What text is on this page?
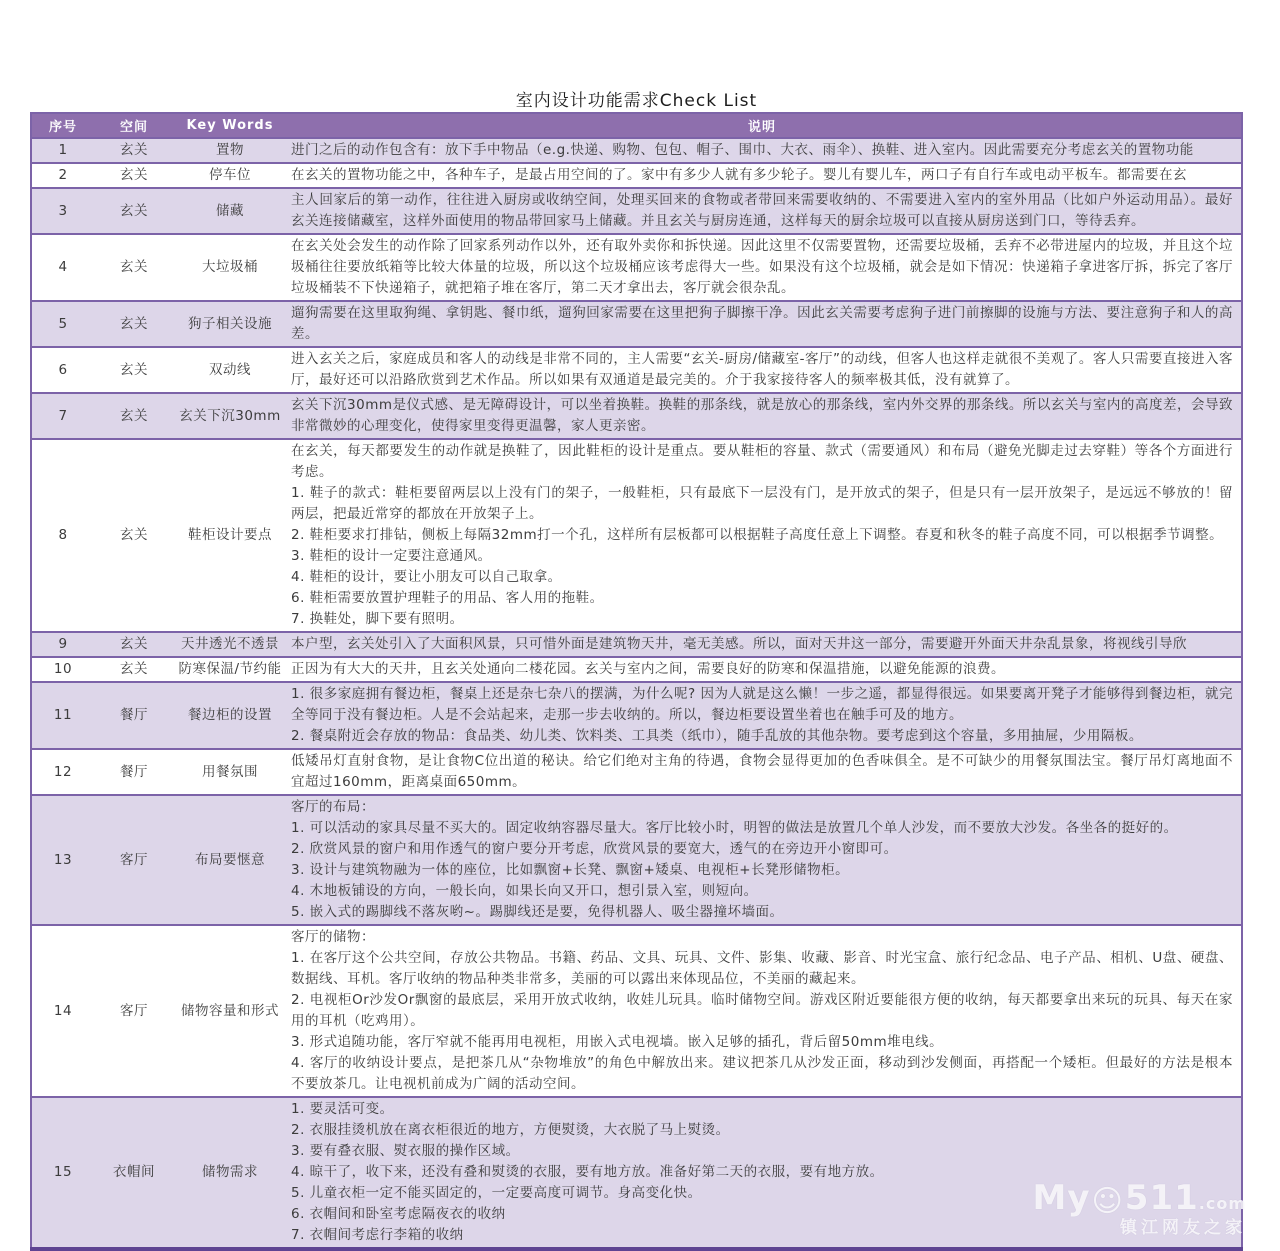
室内设计功能需求Check List
序号	空间	Key Words	说明
1	玄关	置物	进门之后的动作包含有：放下手中物品（e.g.快递、购物、包包、帽子、围巾、大衣、雨伞）、换鞋、进入室内。因此需要充分考虑玄关的置物功能

2	玄关	停车位	在玄关的置物功能之中，各种车子，是最占用空间的了。家中有多少人就有多少轮子。婴儿有婴儿车，两口子有自行车或电动平板车。都需要在玄

3	玄关	储藏	主人回家后的第一动作，往往进入厨房或收纳空间，处理买回来的食物或者带回来需要收纳的、不需要进入室内的室外用品（比如户外运动用品）。最好玄关连接储藏室，这样外面使用的物品带回家马上储藏。并且玄关与厨房连通，这样每天的厨余垃圾可以直接从厨房送到门口，等待丢弃。

4	玄关	大垃圾桶	在玄关处会发生的动作除了回家系列动作以外，还有取外卖你和拆快递。因此这里不仅需要置物，还需要垃圾桶，丢弃不必带进屋内的垃圾，并且这个垃圾桶往往要放纸箱等比较大体量的垃圾，所以这个垃圾桶应该考虑得大一些。如果没有这个垃圾桶，就会是如下情况：快递箱子拿进客厅拆，拆完了客厅垃圾桶装不下快递箱子，就把箱子堆在客厅，第二天才拿出去，客厅就会很杂乱。

5	玄关	狗子相关设施	遛狗需要在这里取狗绳、拿钥匙、餐巾纸，遛狗回家需要在这里把狗子脚擦干净。因此玄关需要考虑狗子进门前擦脚的设施与方法、要注意狗子和人的高差。

6	玄关	双动线	进入玄关之后，家庭成员和客人的动线是非常不同的，主人需要“玄关-厨房/储藏室-客厅”的动线，但客人也这样走就很不美观了。客人只需要直接进入客厅，最好还可以沿路欣赏到艺术作品。所以如果有双通道是最完美的。介于我家接待客人的频率极其低，没有就算了。

7	玄关	玄关下沉30mm	玄关下沉30mm是仪式感、是无障碍设计，可以坐着换鞋。换鞋的那条线，就是放心的那条线，室内外交界的那条线。所以玄关与室内的高度差，会导致非常微妙的心理变化，使得家里变得更温馨，家人更亲密。

8	玄关	鞋柜设计要点	
在玄关，每天都要发生的动作就是换鞋了，因此鞋柜的设计是重点。要从鞋柜的容量、款式（需要通风）和布局（避免光脚走过去穿鞋）等各个方面进行考虑。
1. 鞋子的款式：鞋柜要留两层以上没有门的架子，一般鞋柜，只有最底下一层没有门，是开放式的架子，但是只有一层开放架子，是远远不够放的！留两层，把最近常穿的都放在开放架子上。
2. 鞋柜要求打排钻，侧板上每隔32mm打一个孔，这样所有层板都可以根据鞋子高度任意上下调整。春夏和秋冬的鞋子高度不同，可以根据季节调整。
3. 鞋柜的设计一定要注意通风。
4. 鞋柜的设计，要让小朋友可以自己取拿。
6. 鞋柜需要放置护理鞋子的用品、客人用的拖鞋。
7. 换鞋处，脚下要有照明。

9	玄关	天井透光不透景	本户型，玄关处引入了大面积风景，只可惜外面是建筑物天井，毫无美感。所以，面对天井这一部分，需要避开外面天井杂乱景象，将视线引导欣

10	玄关	防寒保温/节约能	正因为有大大的天井，且玄关处通向二楼花园。玄关与室内之间，需要良好的防寒和保温措施，以避免能源的浪费。

11	餐厅	餐边柜的设置	1. 很多家庭拥有餐边柜，餐桌上还是杂七杂八的摆满，为什么呢? 因为人就是这么懒！一步之遥，都显得很远。如果要离开凳子才能够得到餐边柜，就完全等同于没有餐边柜。人是不会站起来，走那一步去收纳的。所以，餐边柜要设置坐着也在触手可及的地方。
2. 餐桌附近会存放的物品：食品类、幼儿类、饮料类、工具类（纸巾），随手乱放的其他杂物。要考虑到这个容量，多用抽屉，少用隔板。

12	餐厅	用餐氛围	低矮吊灯直射食物，是让食物C位出道的秘诀。给它们绝对主角的待遇，食物会显得更加的色香味俱全。是不可缺少的用餐氛围法宝。餐厅吊灯离地面不宜超过160mm，距离桌面650mm。

13	客厅	布局要惬意	
客厅的布局：
1. 可以活动的家具尽量不买大的。固定收纳容器尽量大。客厅比较小时，明智的做法是放置几个单人沙发，而不要放大沙发。各坐各的挺好的。
2. 欣赏风景的窗户和用作透气的窗户要分开考虑，欣赏风景的要宽大，透气的在旁边开小窗即可。
3. 设计与建筑物融为一体的座位，比如飘窗+长凳、飘窗+矮桌、电视柜+长凳形储物柜。
4. 木地板铺设的方向，一般长向，如果长向又开口，想引景入室，则短向。
5. 嵌入式的踢脚线不落灰哟~。踢脚线还是要，免得机器人、吸尘器撞坏墙面。

14	客厅	储物容量和形式	客厅的储物：
1. 在客厅这个公共空间，存放公共物品。书籍、药品、文具、玩具、文件、影集、收藏、影音、时光宝盒、旅行纪念品、电子产品、相机、U盘、硬盘、数据线、耳机。客厅收纳的物品种类非常多，美丽的可以露出来体现品位，不美丽的藏起来。
2. 电视柜Or沙发Or飘窗的最底层，采用开放式收纳，收娃儿玩具。临时储物空间。游戏区附近要能很方便的收纳，每天都要拿出来玩的玩具、每天在家用的耳机（吃鸡用）。
3. 形式追随功能，客厅窄就不能再用电视柜，用嵌入式电视墙。嵌入足够的插孔，背后留50mm堆电线。
4. 客厅的收纳设计要点，是把茶几从“杂物堆放”的角色中解放出来。建议把茶几从沙发正面，移动到沙发侧面，再搭配一个矮柜。但最好的方法是根本不要放茶几。让电视机前成为广阔的活动空间。

15	衣帽间	储物需求	
1. 要灵活可变。
2. 衣服挂烫机放在离衣柜很近的地方，方便熨烫，大衣脱了马上熨烫。
3. 要有叠衣服、熨衣服的操作区域。
4. 晾干了，收下来，还没有叠和熨烫的衣服，要有地方放。准备好第二天的衣服，要有地方放。
5. 儿童衣柜一定不能买固定的，一定要高度可调节。身高变化快。
6. 衣帽间和卧室考虑隔夜衣的收纳
7. 衣帽间考虑行李箱的收纳
My☺511.com
镇江网友之家
